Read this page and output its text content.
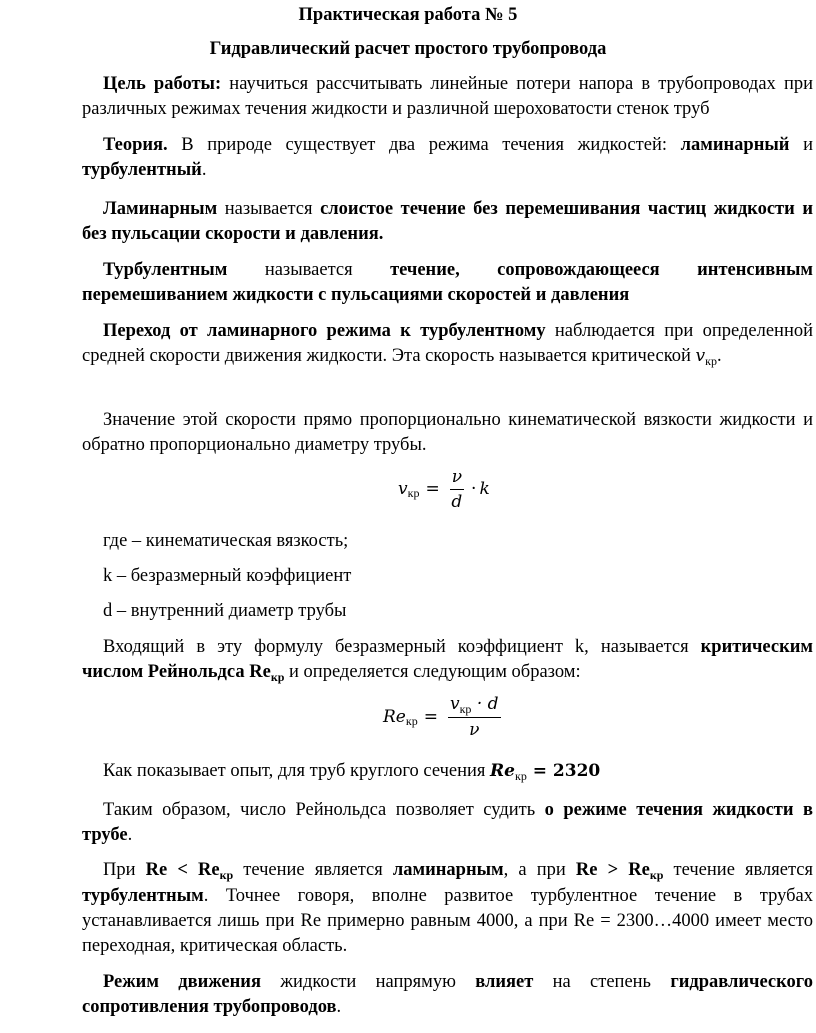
Практическая работа № 5

Гидравлический расчет простого трубопровода

Цель работы: научиться рассчитывать линейные потери напора в трубопроводах при различных режимах течения жидкости и различной шероховатости стенок труб

Теория. В природе существует два режима течения жидкостей: ламинарный и турбулентный.

Ламинарным называется слоистое течение без перемешивания частиц жидкости и без пульсации скорости и давления.

Турбулентным называется течение, сопровождающееся интенсивным перемешиванием жидкости с пульсациями скоростей и давления

Переход от ламинарного режима к турбулентному наблюдается при определенной средней скорости движения жидкости. Эта скорость называется критической $v_{кр}$.

Значение этой скорости прямо пропорционально кинематической вязкости жидкости и обратно пропорционально диаметру трубы.

v кр = $\frac{\nu}{d} \cdot k$

где – кинематическая вязкость;

k – безразмерный коэффициент

d – внутренний диаметр трубы

Входящий в эту формулу безразмерный коэффициент k, называется критическим числом Рейнольдса $Re_{кр}$ и определяется следующим образом:

Re кр = $\frac{v_{кр} \cdot d}{\nu}$

Как показывает опыт, для труб круглого сечения $Re_{кр} = 2320$

Таким образом, число Рейнольдса позволяет судить о режиме течения жидкости в трубе.

При $Re < Re_{кр}$ течение является ламинарным, а при $Re > Re_{кр}$ течение является турбулентным. Точнее говоря, вполне развитое турбулентное течение в трубах устанавливается лишь при Re примерно равным 4000, а при Re = 2300…4000 имеет место переходная, критическая область.

Режим движения жидкости напрямую влияет на степень гидравлического сопротивления трубопроводов.
